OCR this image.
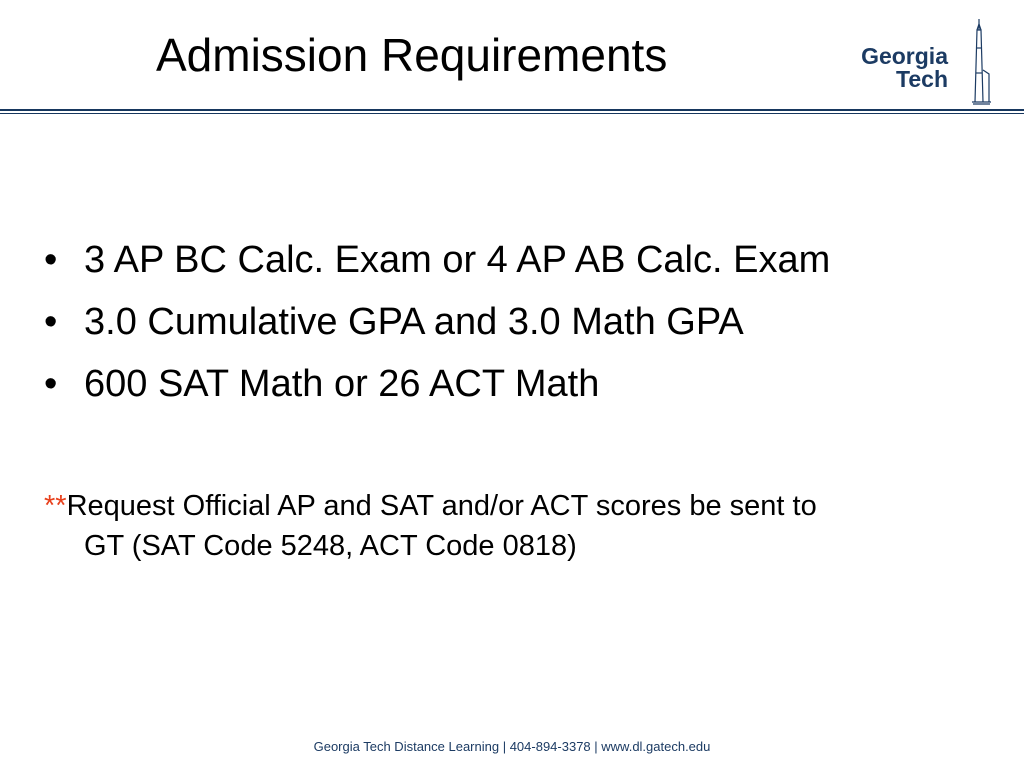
Admission Requirements	Georgia
Tech
• 3 AP BC Calc. Exam or 4 AP AB Calc. Exam
• 3.0 Cumulative GPA and 3.0 Math GPA
• 600 SAT Math or 26 ACT Math
**Request Official AP and SAT and/or ACT scores be sent to
GT (SAT Code 5248, ACT Code 0818)
Georgia Tech Distance Learning | 404-894-3378 | www.dl.gatech.edu
